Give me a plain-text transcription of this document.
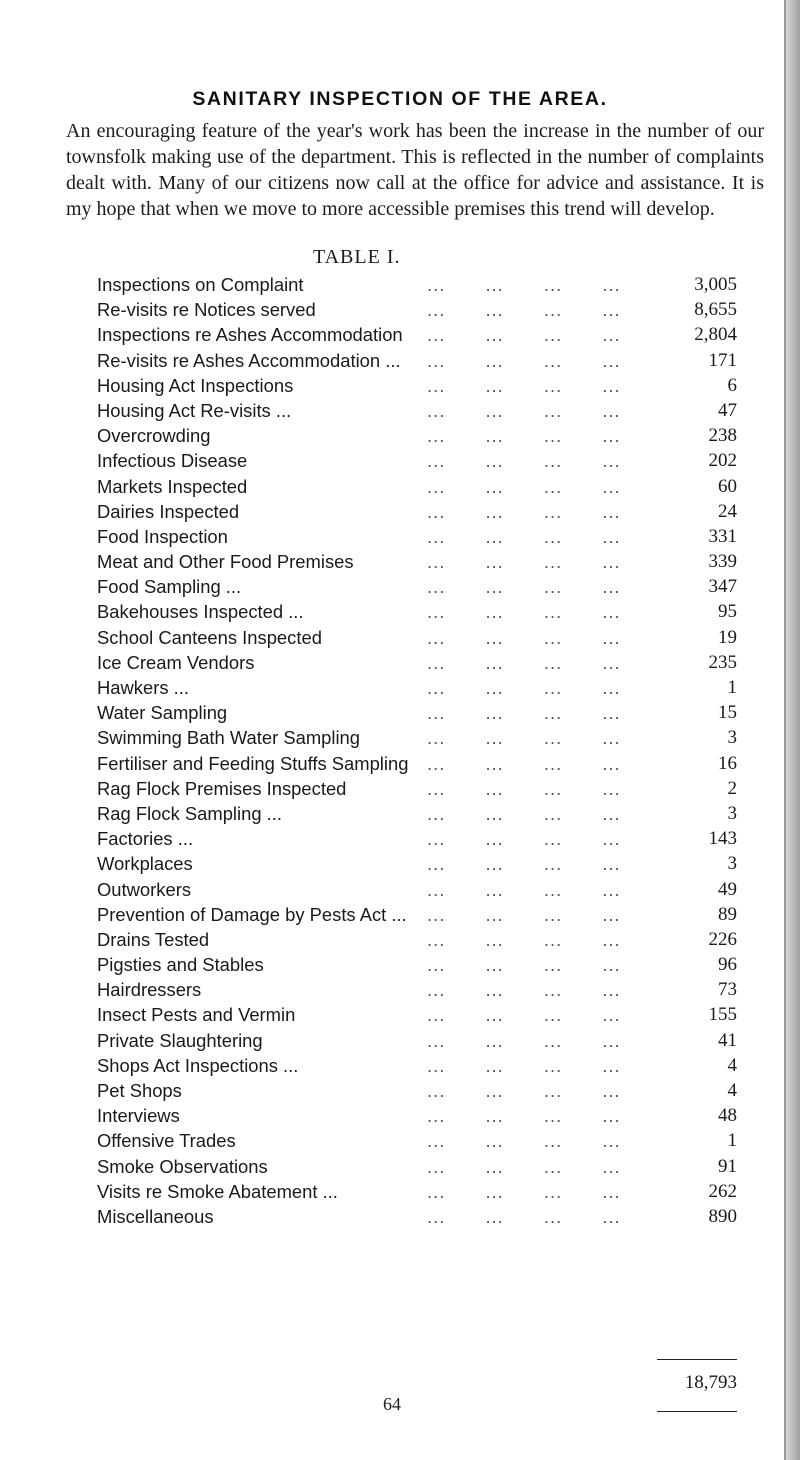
SANITARY INSPECTION OF THE AREA.

An encouraging feature of the year's work has been the increase in the number of our townsfolk making use of the department. This is reflected in the number of complaints dealt with. Many of our citizens now call at the office for advice and assistance. It is my hope that when we move to more accessible premises this trend will develop.

TABLE I.
... ... ... ...
Inspections on Complaint	3,005
... ... ... ...
Re-visits re Notices served	8,655
... ... ... ...
Inspections re Ashes Accommodation	2,804
... ... ... ...
Re-visits re Ashes Accommodation ...	171
... ... ... ...
Housing Act Inspections	6
... ... ... ...
Housing Act Re-visits ...	47
... ... ... ...
Overcrowding	238
... ... ... ...
Infectious Disease	202
... ... ... ...
Markets Inspected	60
... ... ... ...
Dairies Inspected	24
... ... ... ...
Food Inspection	331
... ... ... ...
Meat and Other Food Premises	339
... ... ... ...
Food Sampling ...	347
... ... ... ...
Bakehouses Inspected ...	95
... ... ... ...
School Canteens Inspected	19
... ... ... ...
Ice Cream Vendors	235
... ... ... ...
Hawkers ...	1
... ... ... ...
Water Sampling	15
... ... ... ...
Swimming Bath Water Sampling	3
... ... ... ...
Fertiliser and Feeding Stuffs Sampling	16
... ... ... ...
Rag Flock Premises Inspected	2
... ... ... ...
Rag Flock Sampling ...	3
... ... ... ...
Factories ...	143
... ... ... ...
Workplaces	3
... ... ... ...
Outworkers	49
... ... ... ...
Prevention of Damage by Pests Act ...	89
... ... ... ...
Drains Tested	226
... ... ... ...
Pigsties and Stables	96
... ... ... ...
Hairdressers	73
... ... ... ...
Insect Pests and Vermin	155
... ... ... ...
Private Slaughtering	41
... ... ... ...
Shops Act Inspections ...	4
... ... ... ...
Pet Shops	4
... ... ... ...
Interviews	48
... ... ... ...
Offensive Trades	1
... ... ... ...
Smoke Observations	91
... ... ... ...
Visits re Smoke Abatement ...	262
... ... ... ...
Miscellaneous	890
18,793
64
